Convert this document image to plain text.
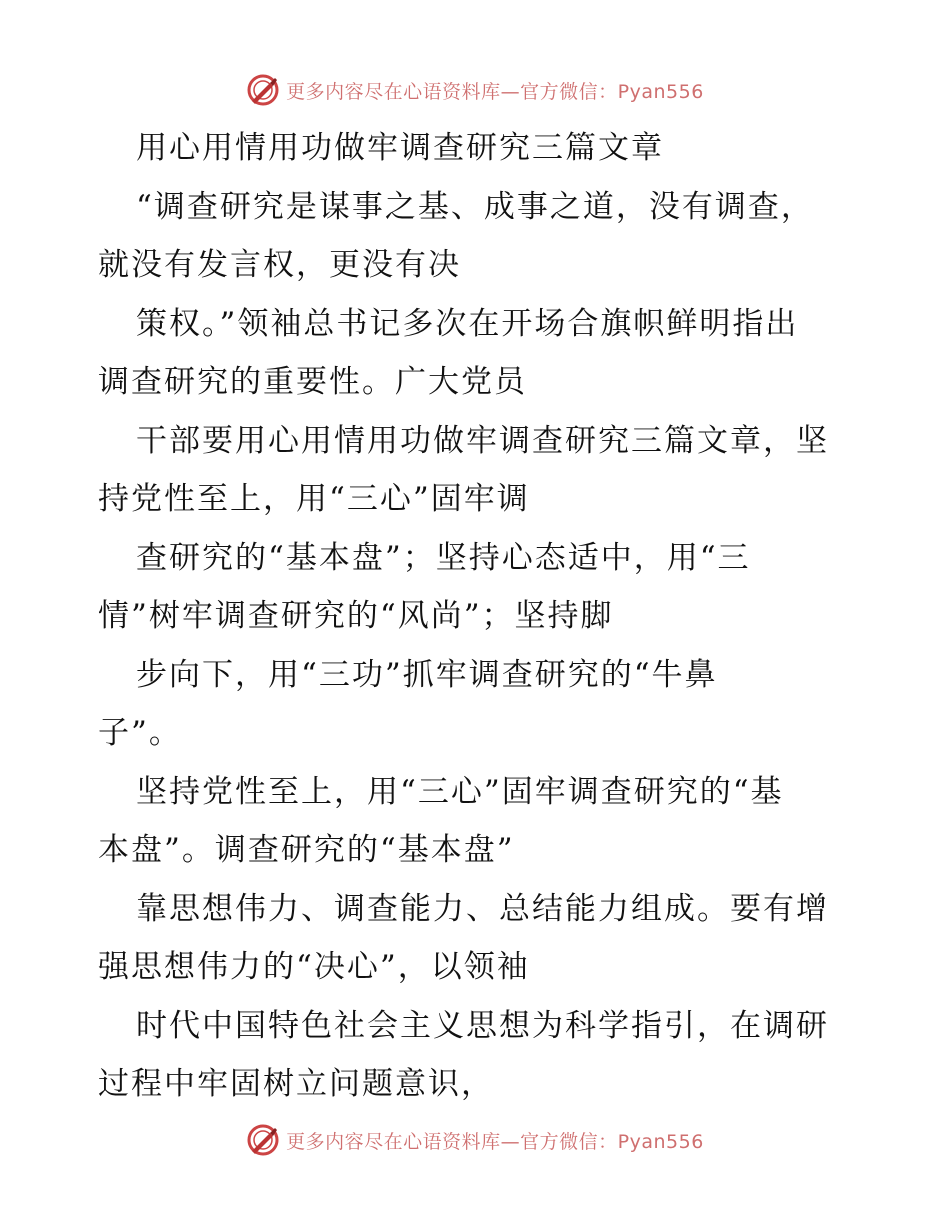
更多内容尽在心语资料库—官方微信：Pyan556
用心用情用功做牢调查研究三篇文章
“调查研究是谋事之基、成事之道，没有调查，
就没有发言权，更没有决
策权。”领袖总书记多次在开场合旗帜鲜明指出
调查研究的重要性。广大党员
干部要用心用情用功做牢调查研究三篇文章，坚
持党性至上，用“三心”固牢调
查研究的“基本盘”；坚持心态适中，用“三
情”树牢调查研究的“风尚”；坚持脚
步向下，用“三功”抓牢调查研究的“牛鼻
子”。
坚持党性至上，用“三心”固牢调查研究的“基
本盘”。调查研究的“基本盘”
靠思想伟力、调查能力、总结能力组成。要有增
强思想伟力的“决心”，以领袖
时代中国特色社会主义思想为科学指引，在调研
过程中牢固树立问题意识，
更多内容尽在心语资料库—官方微信：Pyan556
